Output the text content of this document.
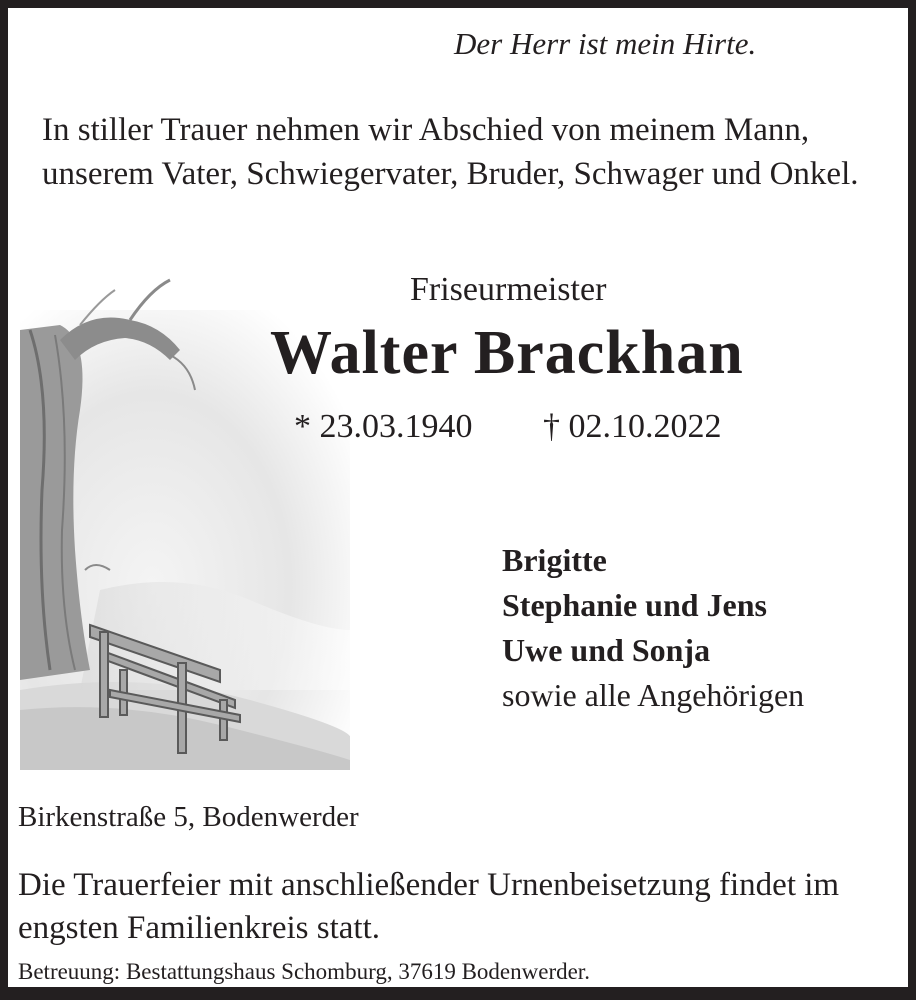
Der Herr ist mein Hirte.
In stiller Trauer nehmen wir Abschied von meinem Mann, unserem Vater, Schwiegervater, Bruder, Schwager und Onkel.
Friseurmeister
Walter Brackhan
* 23.03.1940 † 02.10.2022
Brigitte
Stephanie und Jens
Uwe und Sonja
sowie alle Angehörigen
Birkenstraße 5, Bodenwerder
Die Trauerfeier mit anschließender Urnenbeisetzung findet im engsten Familienkreis statt.
Betreuung: Bestattungshaus Schomburg, 37619 Bodenwerder.
